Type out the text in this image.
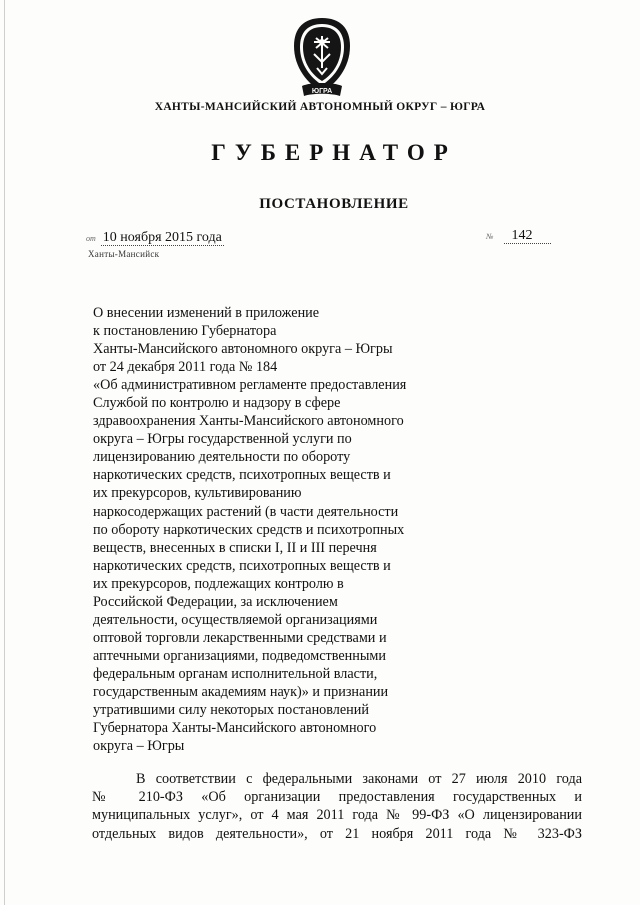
ЮГРА
ХАНТЫ-МАНСИЙСКИЙ АВТОНОМНЫЙ ОКРУГ – ЮГРА
ГУБЕРНАТОР
ПОСТАНОВЛЕНИЕ
от 10 ноября 2015 года
Ханты-Мансийск
№ 142
О внесении изменений в приложение
к постановлению Губернатора
Ханты-Мансийского автономного округа – Югры
от 24 декабря 2011 года № 184
«Об административном регламенте предоставления
Службой по контролю и надзору в сфере
здравоохранения Ханты-Мансийского автономного
округа – Югры государственной услуги по
лицензированию деятельности по обороту
наркотических средств, психотропных веществ и
их прекурсоров, культивированию
наркосодержащих растений (в части деятельности
по обороту наркотических средств и психотропных
веществ, внесенных в списки I, II и III перечня
наркотических средств, психотропных веществ и
их прекурсоров, подлежащих контролю в
Российской Федерации, за исключением
деятельности, осуществляемой организациями
оптовой торговли лекарственными средствами и
аптечными организациями, подведомственными
федеральным органам исполнительной власти,
государственным академиям наук)» и признании
утратившими силу некоторых постановлений
Губернатора Ханты-Мансийского автономного
округа – Югры
В соответствии с федеральными законами от 27 июля 2010 года
№ 210-ФЗ «Об организации предоставления государственных и
муниципальных услуг», от 4 мая 2011 года № 99-ФЗ «О лицензировании
отдельных видов деятельности», от 21 ноября 2011 года № 323-ФЗ
